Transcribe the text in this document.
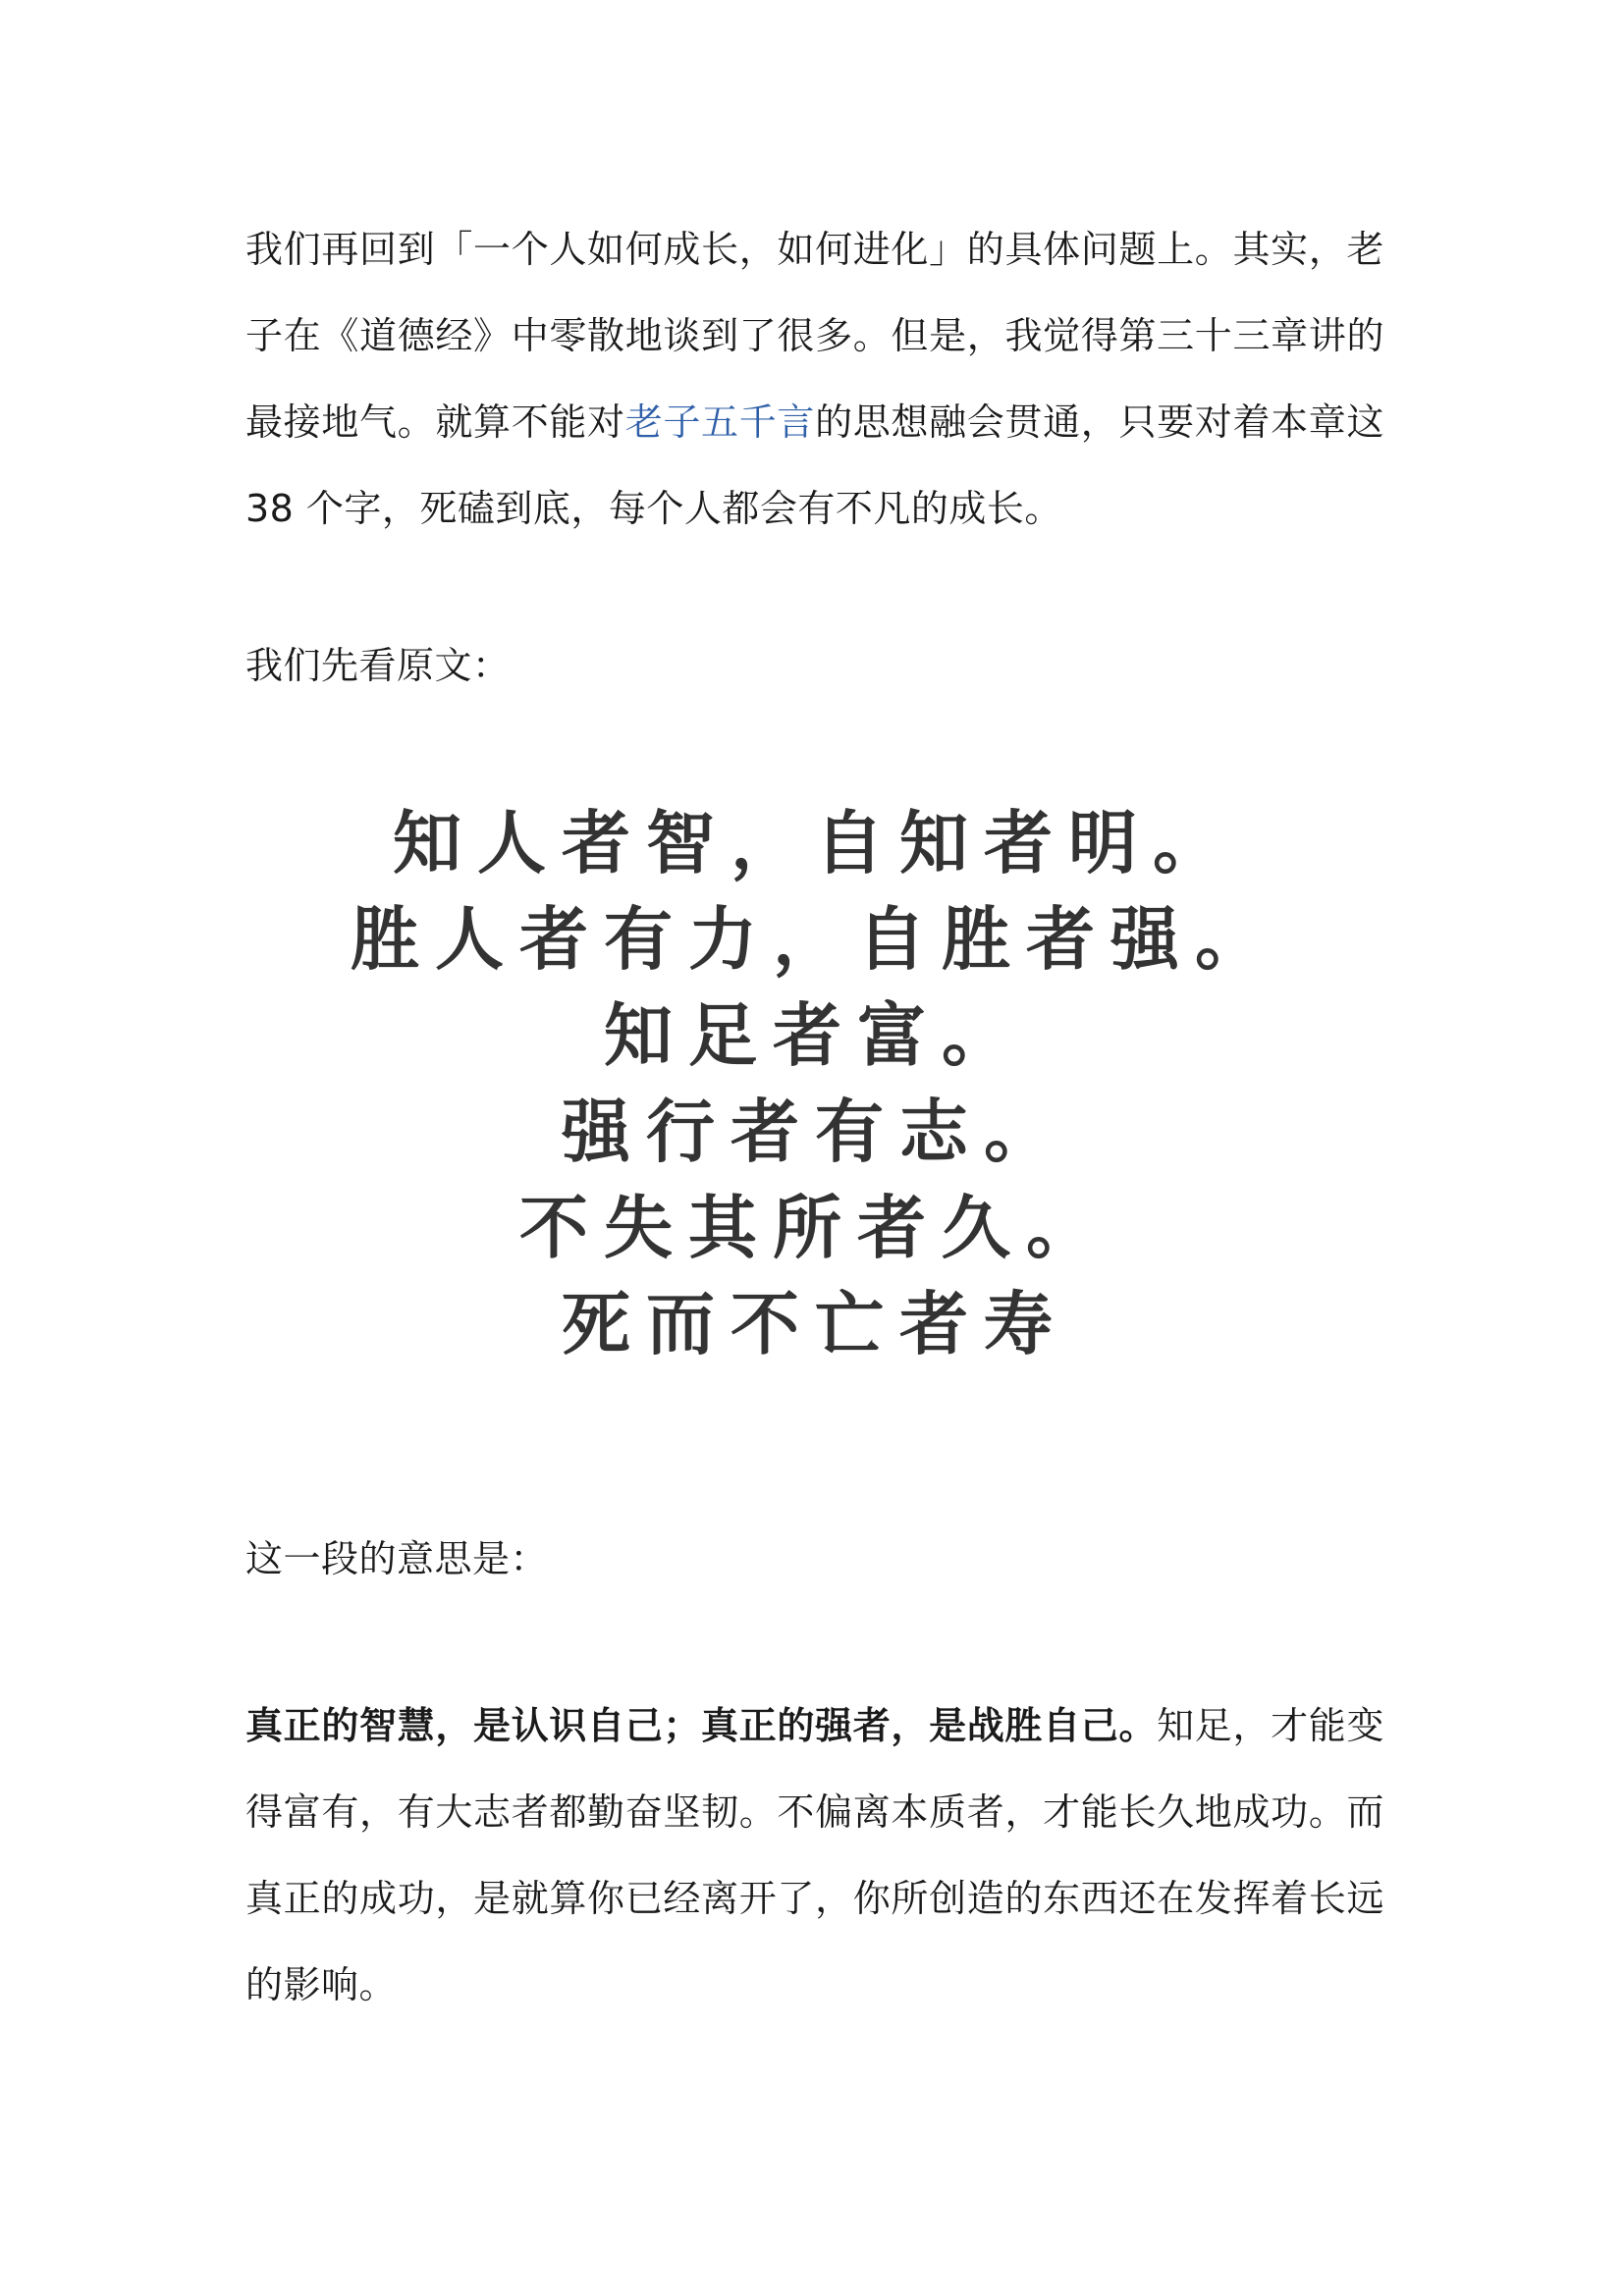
我们再回到「一个人如何成长，如何进化」的具体问题上。其实，老子在《道德经》中零散地谈到了很多。但是，我觉得第三十三章讲的最接地气。就算不能对老子五千言的思想融会贯通，只要对着本章这 38 个字，死磕到底，每个人都会有不凡的成长。

我们先看原文：

知人者智，自知者明。
胜人者有力，自胜者强。
知足者富。
强行者有志。
不失其所者久。
死而不亡者寿

这一段的意思是：

真正的智慧，是认识自己；真正的强者，是战胜自己。知足，才能变得富有，有大志者都勤奋坚韧。不偏离本质者，才能长久地成功。而真正的成功，是就算你已经离开了，你所创造的东西还在发挥着长远的影响。
